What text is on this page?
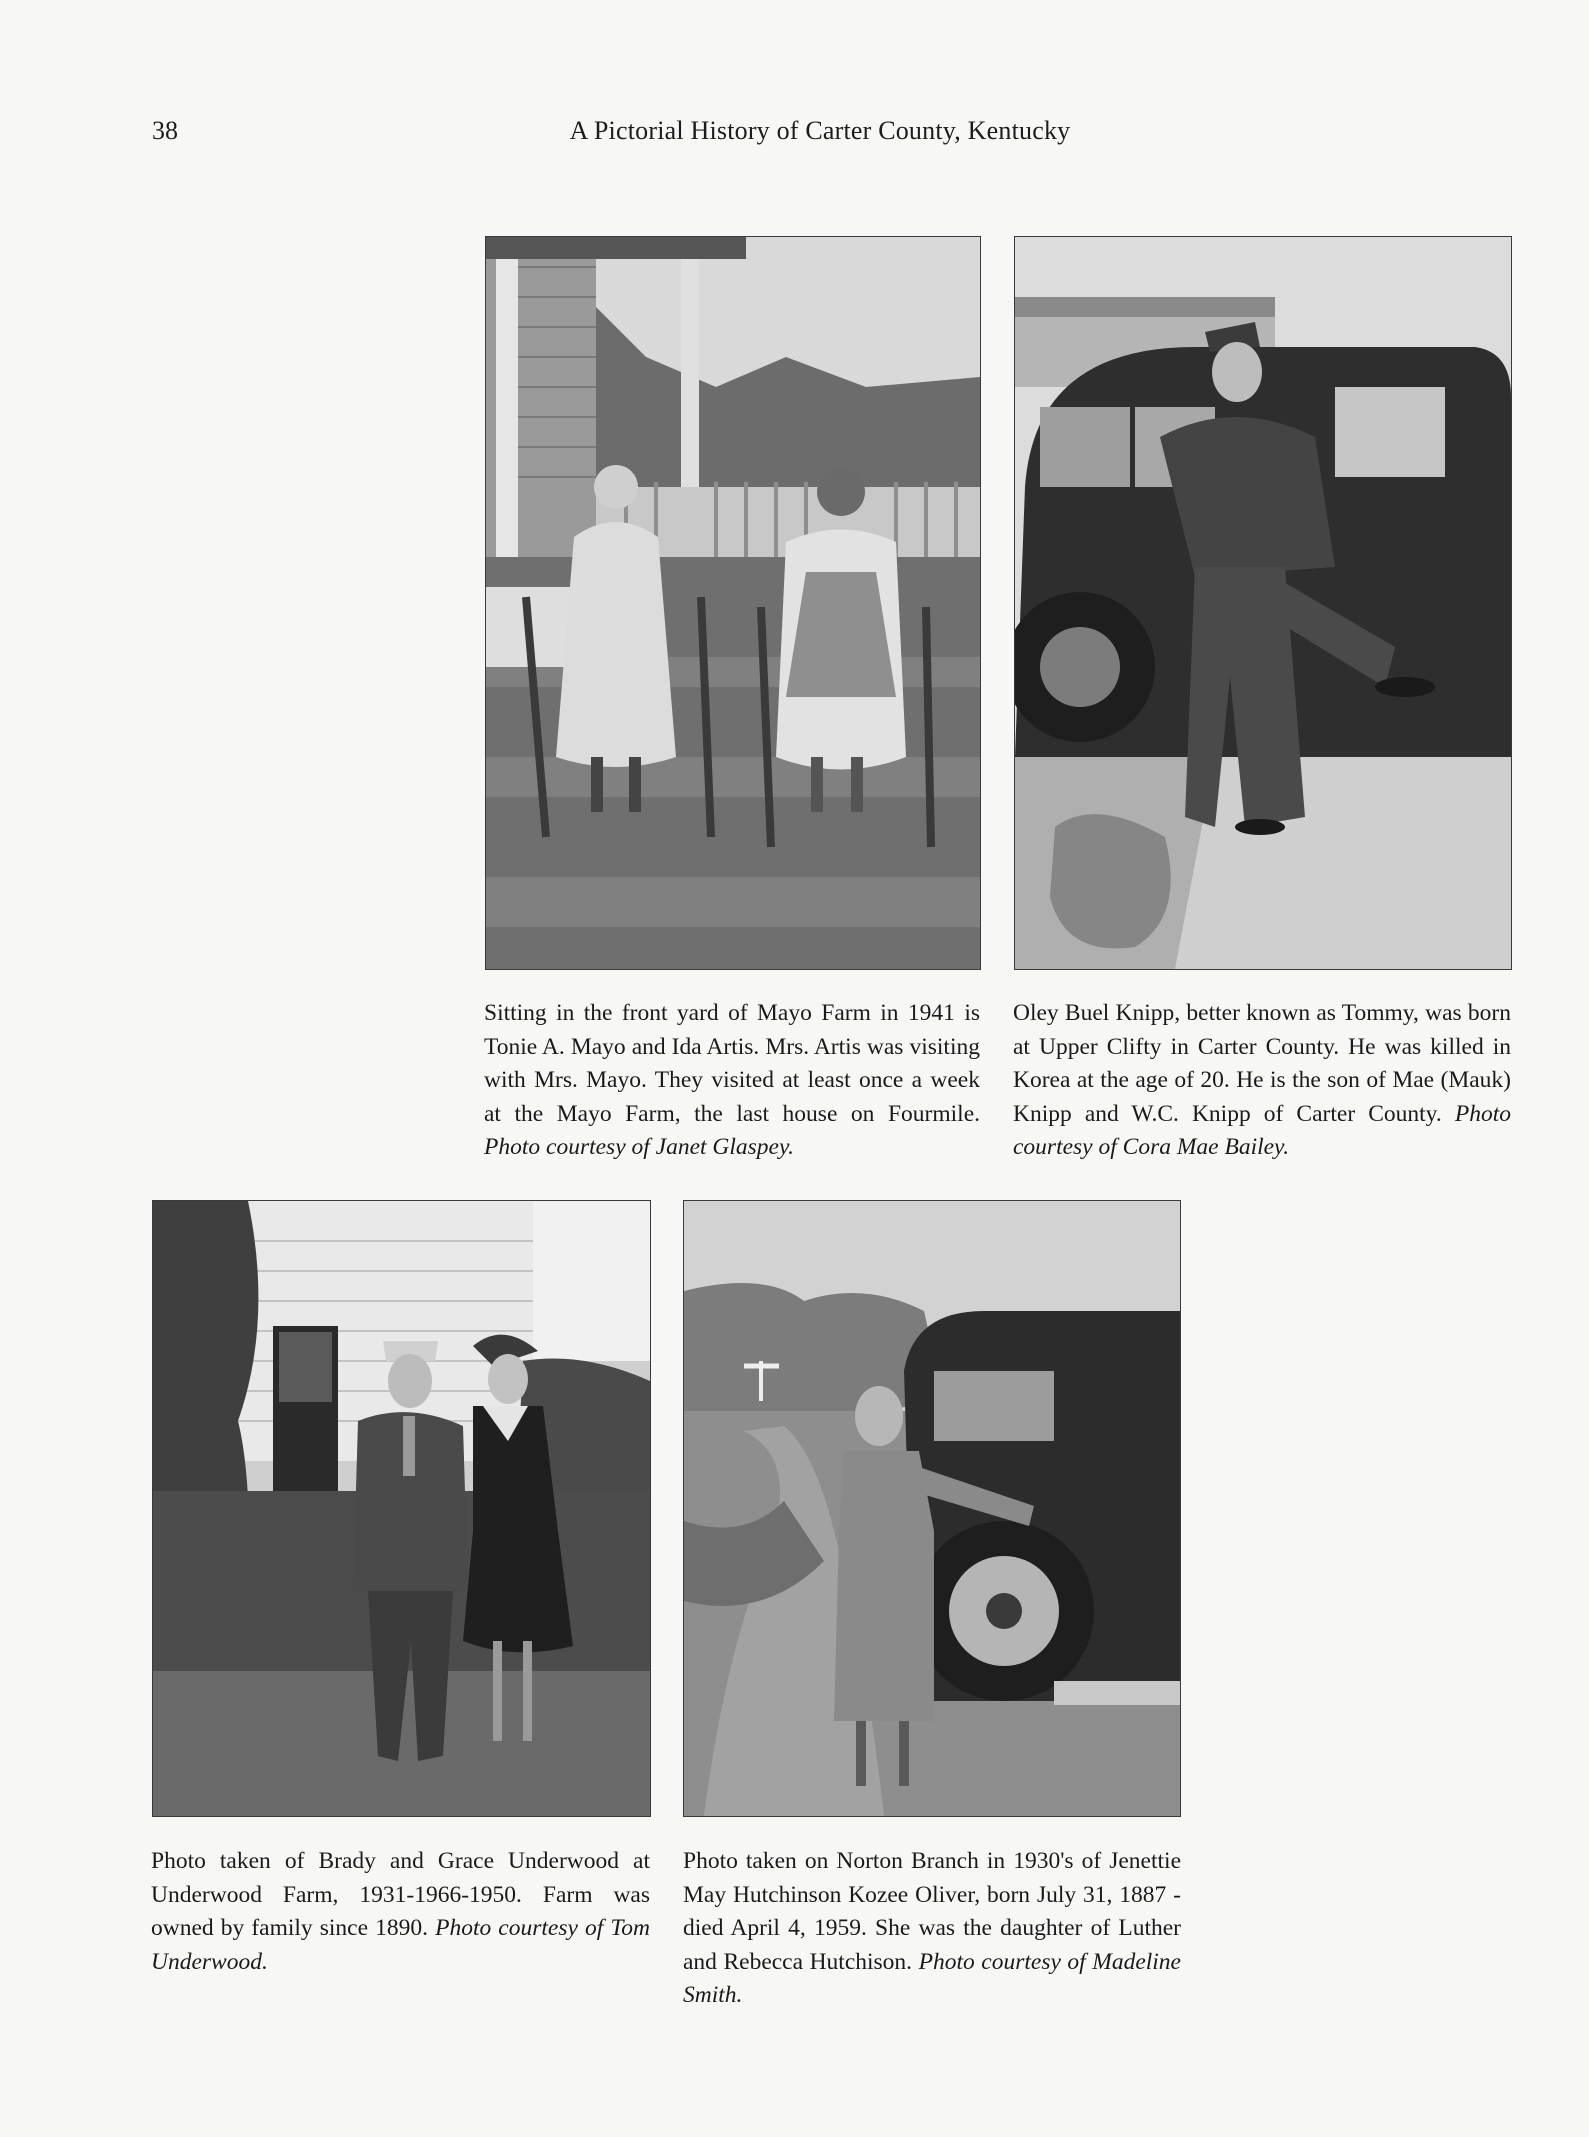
38	A Pictorial History of Carter County, Kentucky
Sitting in the front yard of Mayo Farm in 1941 is Tonie A. Mayo and Ida Artis. Mrs. Artis was visiting with Mrs. Mayo. They visited at least once a week at the Mayo Farm, the last house on Fourmile. Photo courtesy of Janet Glaspey.
Oley Buel Knipp, better known as Tommy, was born at Upper Clifty in Carter County. He was killed in Korea at the age of 20. He is the son of Mae (Mauk) Knipp and W.C. Knipp of Carter County. Photo courtesy of Cora Mae Bailey.
Photo taken of Brady and Grace Underwood at Underwood Farm, 1931-1966-1950. Farm was owned by family since 1890. Photo courtesy of Tom Underwood.
Photo taken on Norton Branch in 1930's of Jenettie May Hutchinson Kozee Oliver, born July 31, 1887 - died April 4, 1959. She was the daughter of Luther and Rebecca Hutchison. Photo courtesy of Madeline Smith.
